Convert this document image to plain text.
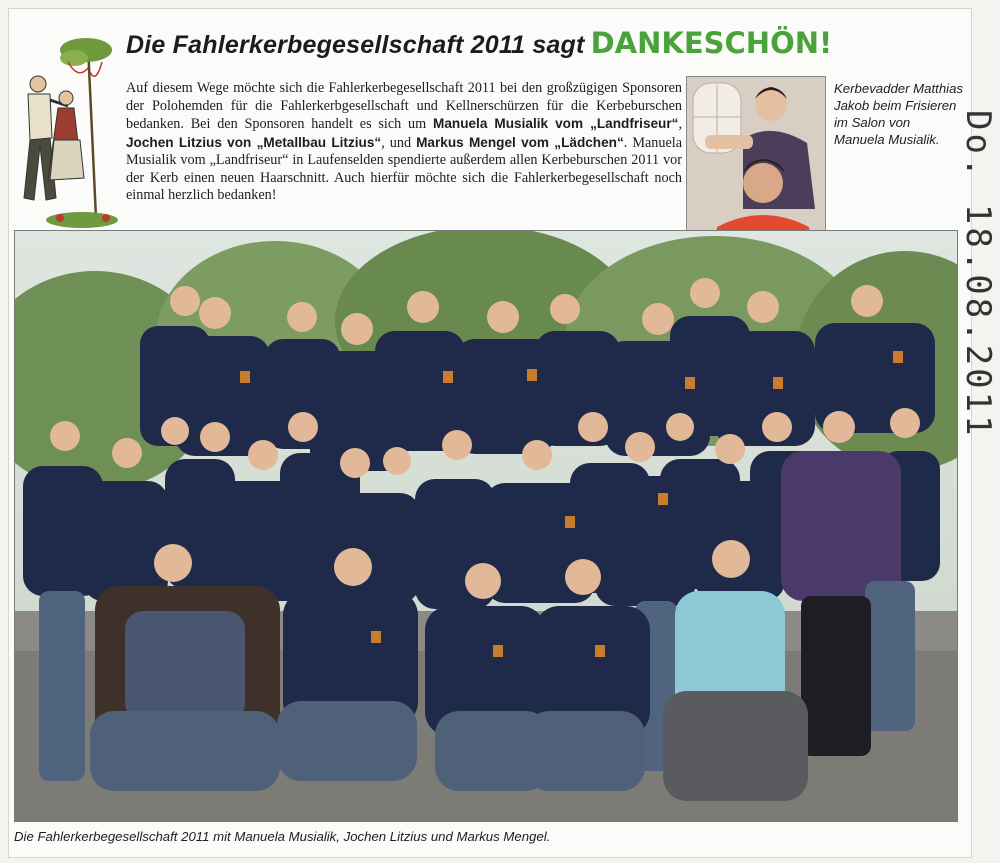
Die Fahlerkerbegesellschaft 2011 sagt DANKESCHÖN!
Auf diesem Wege möchte sich die Fahlerkerbegesellschaft 2011 bei den großzügigen Sponsoren der Polohemden für die Fahlerkerbgesellschaft und Kellnerschürzen für die Kerbeburschen bedanken. Bei den Sponsoren handelt es sich um Manuela Musialik vom „Landfriseur“, Jochen Litzius von „Metallbau Litzius“, und Markus Mengel vom „Lädchen“. Manuela Musialik vom „Landfriseur“ in Laufenselden spendierte außerdem allen Kerbeburschen 2011 vor der Kerb einen neuen Haarschnitt. Auch hierfür möchte sich die Fahlerkerbegesellschaft noch einmal herzlich bedanken!
Kerbevadder Matthias Jakob beim Frisieren im Salon von Manuela Musialik.
Die Fahlerkerbegesellschaft 2011 mit Manuela Musialik, Jochen Litzius und Markus Mengel.
Do. 18.08.2011
